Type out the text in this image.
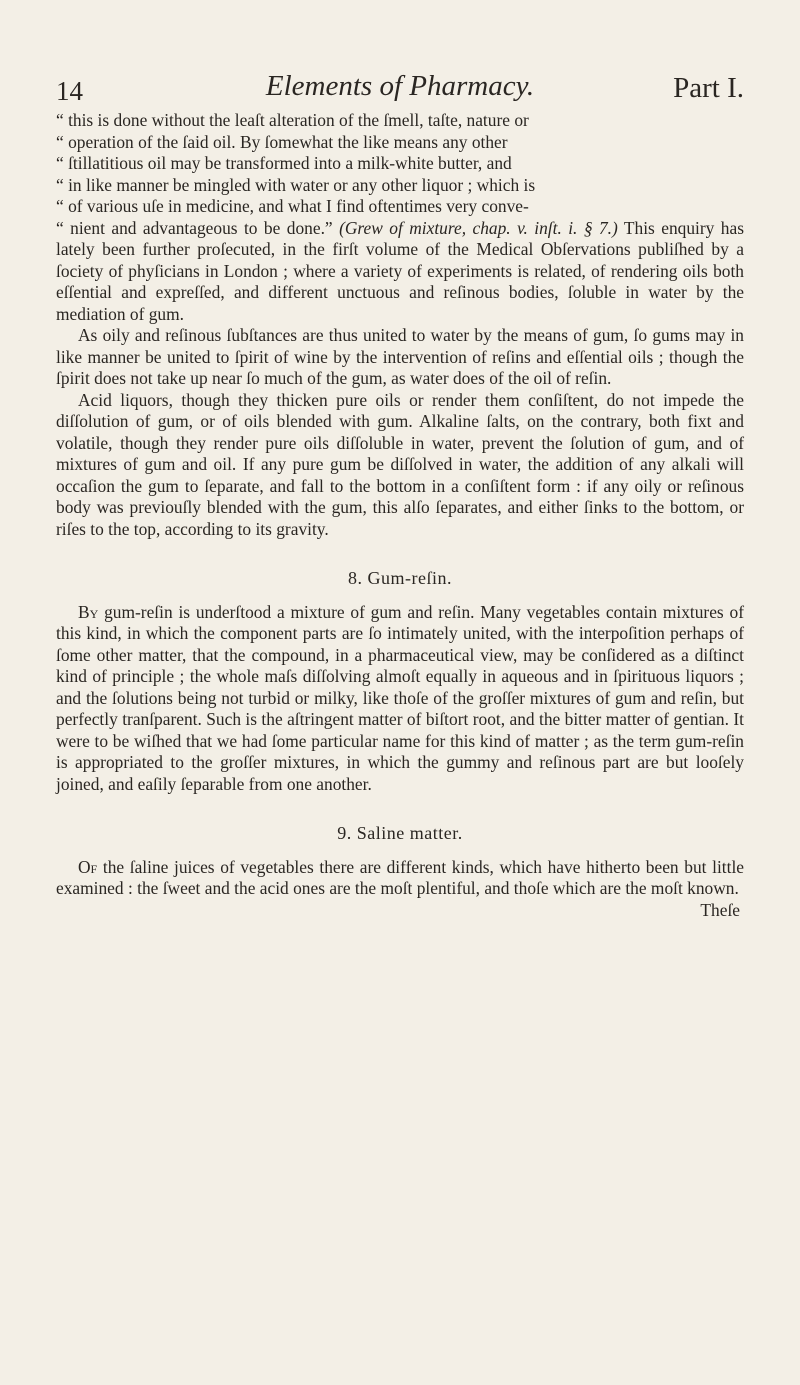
14	Elements of Pharmacy.	Part I.

“ this is done without the leaſt alteration of the ſmell, taſte, nature or
“ operation of the ſaid oil. By ſomewhat the like means any other
“ ſtillatitious oil may be transformed into a milk-white butter, and
“ in like manner be mingled with water or any other liquor ; which is
“ of various uſe in medicine, and what I find oftentimes very conve-

“ nient and advantageous to be done.” (Grew of mixture, chap. v. inſt. i. § 7.) This enquiry has lately been further proſecuted, in the firſt volume of the Medical Obſervations publiſhed by a ſociety of phyſicians in London ; where a variety of experiments is related, of rendering oils both eſſential and expreſſed, and different unctuous and reſinous bodies, ſoluble in water by the mediation of gum.

As oily and reſinous ſubſtances are thus united to water by the means of gum, ſo gums may in like manner be united to ſpirit of wine by the intervention of reſins and eſſential oils ; though the ſpirit does not take up near ſo much of the gum, as water does of the oil of reſin.

Acid liquors, though they thicken pure oils or render them conſiſtent, do not impede the diſſolution of gum, or of oils blended with gum. Alkaline ſalts, on the contrary, both fixt and volatile, though they render pure oils diſſoluble in water, prevent the ſolution of gum, and of mixtures of gum and oil. If any pure gum be diſſolved in water, the addition of any alkali will occaſion the gum to ſeparate, and fall to the bottom in a conſiſtent form : if any oily or reſinous body was previouſly blended with the gum, this alſo ſeparates, and either ſinks to the bottom, or riſes to the top, according to its gravity.

8. Gum-reſin.

By gum-reſin is underſtood a mixture of gum and reſin. Many vegetables contain mixtures of this kind, in which the component parts are ſo intimately united, with the interpoſition perhaps of ſome other matter, that the compound, in a pharmaceutical view, may be conſidered as a diſtinct kind of principle ; the whole maſs diſſolving almoſt equally in aqueous and in ſpirituous liquors ; and the ſolutions being not turbid or milky, like thoſe of the groſſer mixtures of gum and reſin, but perfectly tranſparent. Such is the aſtringent matter of biſtort root, and the bitter matter of gentian. It were to be wiſhed that we had ſome particular name for this kind of matter ; as the term gum-reſin is appropriated to the groſſer mixtures, in which the gummy and reſinous part are but looſely joined, and eaſily ſeparable from one another.

9. Saline matter.

Of the ſaline juices of vegetables there are different kinds, which have hitherto been but little examined : the ſweet and the acid ones are the moſt plentiful, and thoſe which are the moſt known.

Theſe
